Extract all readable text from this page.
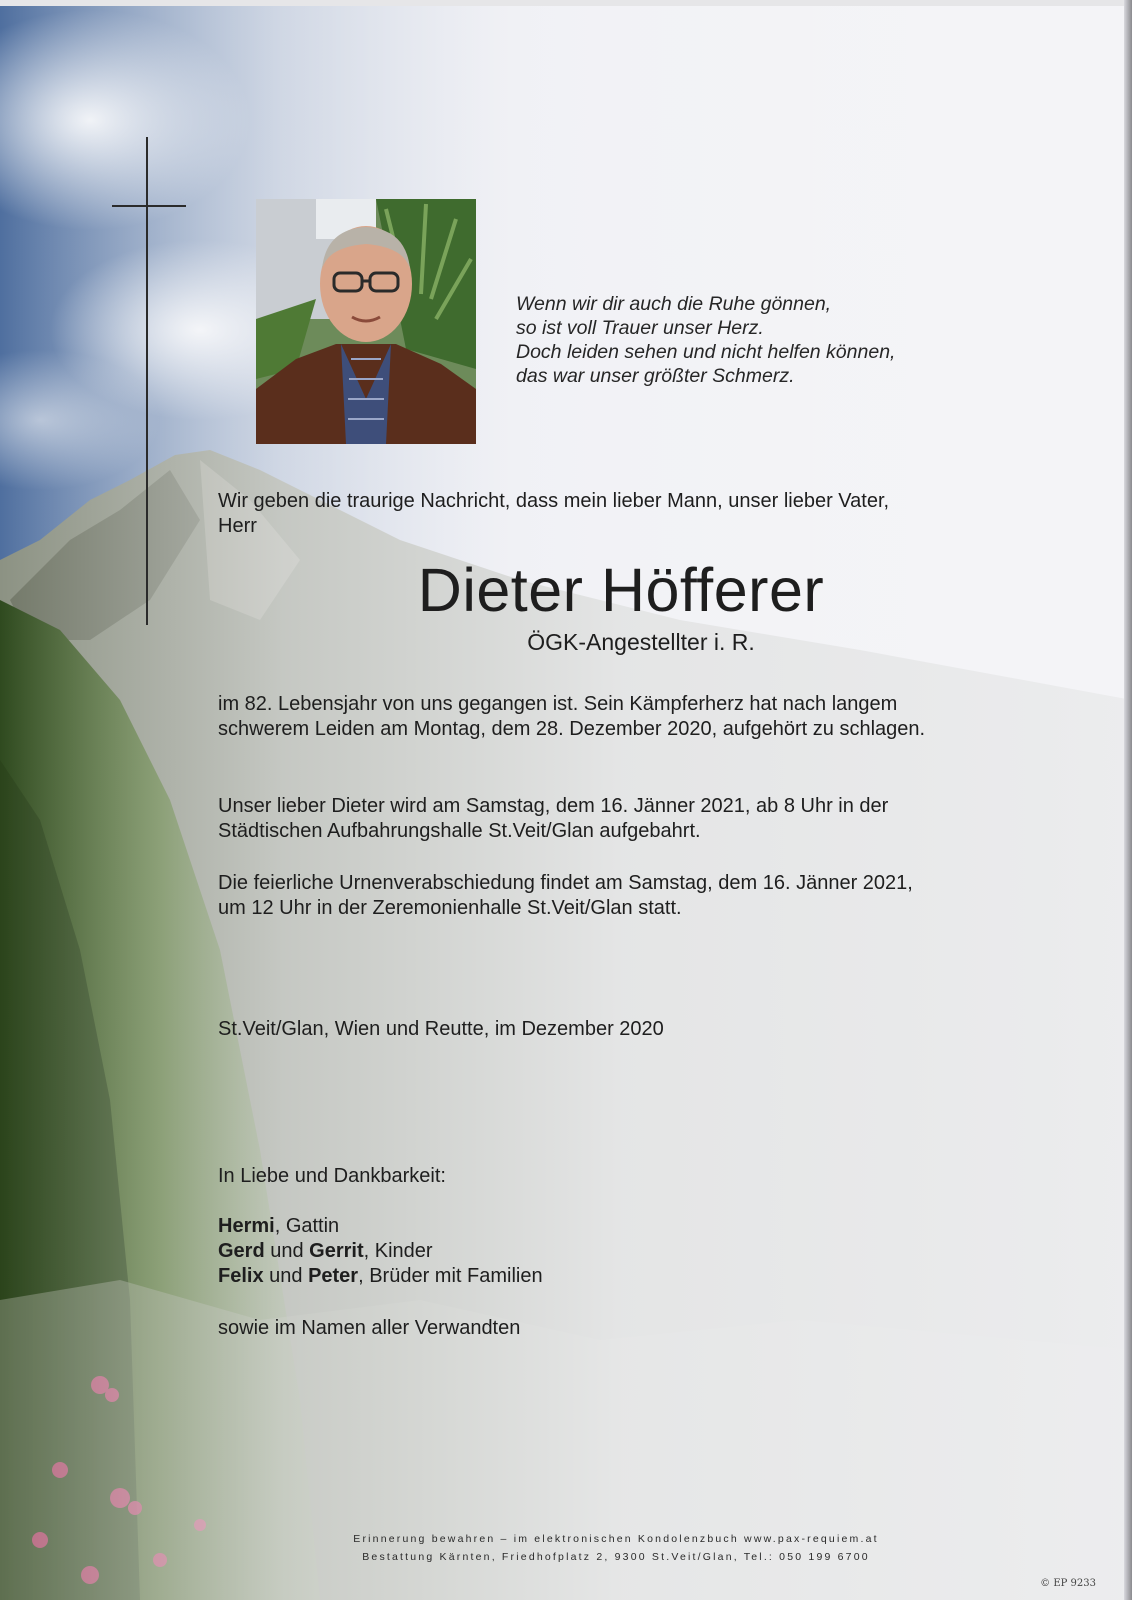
Wenn wir dir auch die Ruhe gönnen,
so ist voll Trauer unser Herz.
Doch leiden sehen und nicht helfen können,
das war unser größter Schmerz.
Wir geben die traurige Nachricht, dass mein lieber Mann, unser lieber Vater,
Herr
Dieter Höfferer
ÖGK-Angestellter i. R.
im 82. Lebensjahr von uns gegangen ist. Sein Kämpferherz hat nach langem
schwerem Leiden am Montag, dem 28. Dezember 2020, aufgehört zu schlagen.
Unser lieber Dieter wird am Samstag, dem 16. Jänner 2021, ab 8 Uhr in der
Städtischen Aufbahrungshalle St.Veit/Glan aufgebahrt.
Die feierliche Urnenverabschiedung findet am Samstag, dem 16. Jänner 2021,
um 12 Uhr in der Zeremonienhalle St.Veit/Glan statt.
St.Veit/Glan, Wien und Reutte, im Dezember 2020
In Liebe und Dankbarkeit:
Hermi, Gattin
Gerd und Gerrit, Kinder
Felix und Peter, Brüder mit Familien
sowie im Namen aller Verwandten
Erinnerung bewahren – im elektronischen Kondolenzbuch www.pax-requiem.at
Bestattung Kärnten, Friedhofplatz 2, 9300 St.Veit/Glan, Tel.: 050 199 6700
© EP 9233
